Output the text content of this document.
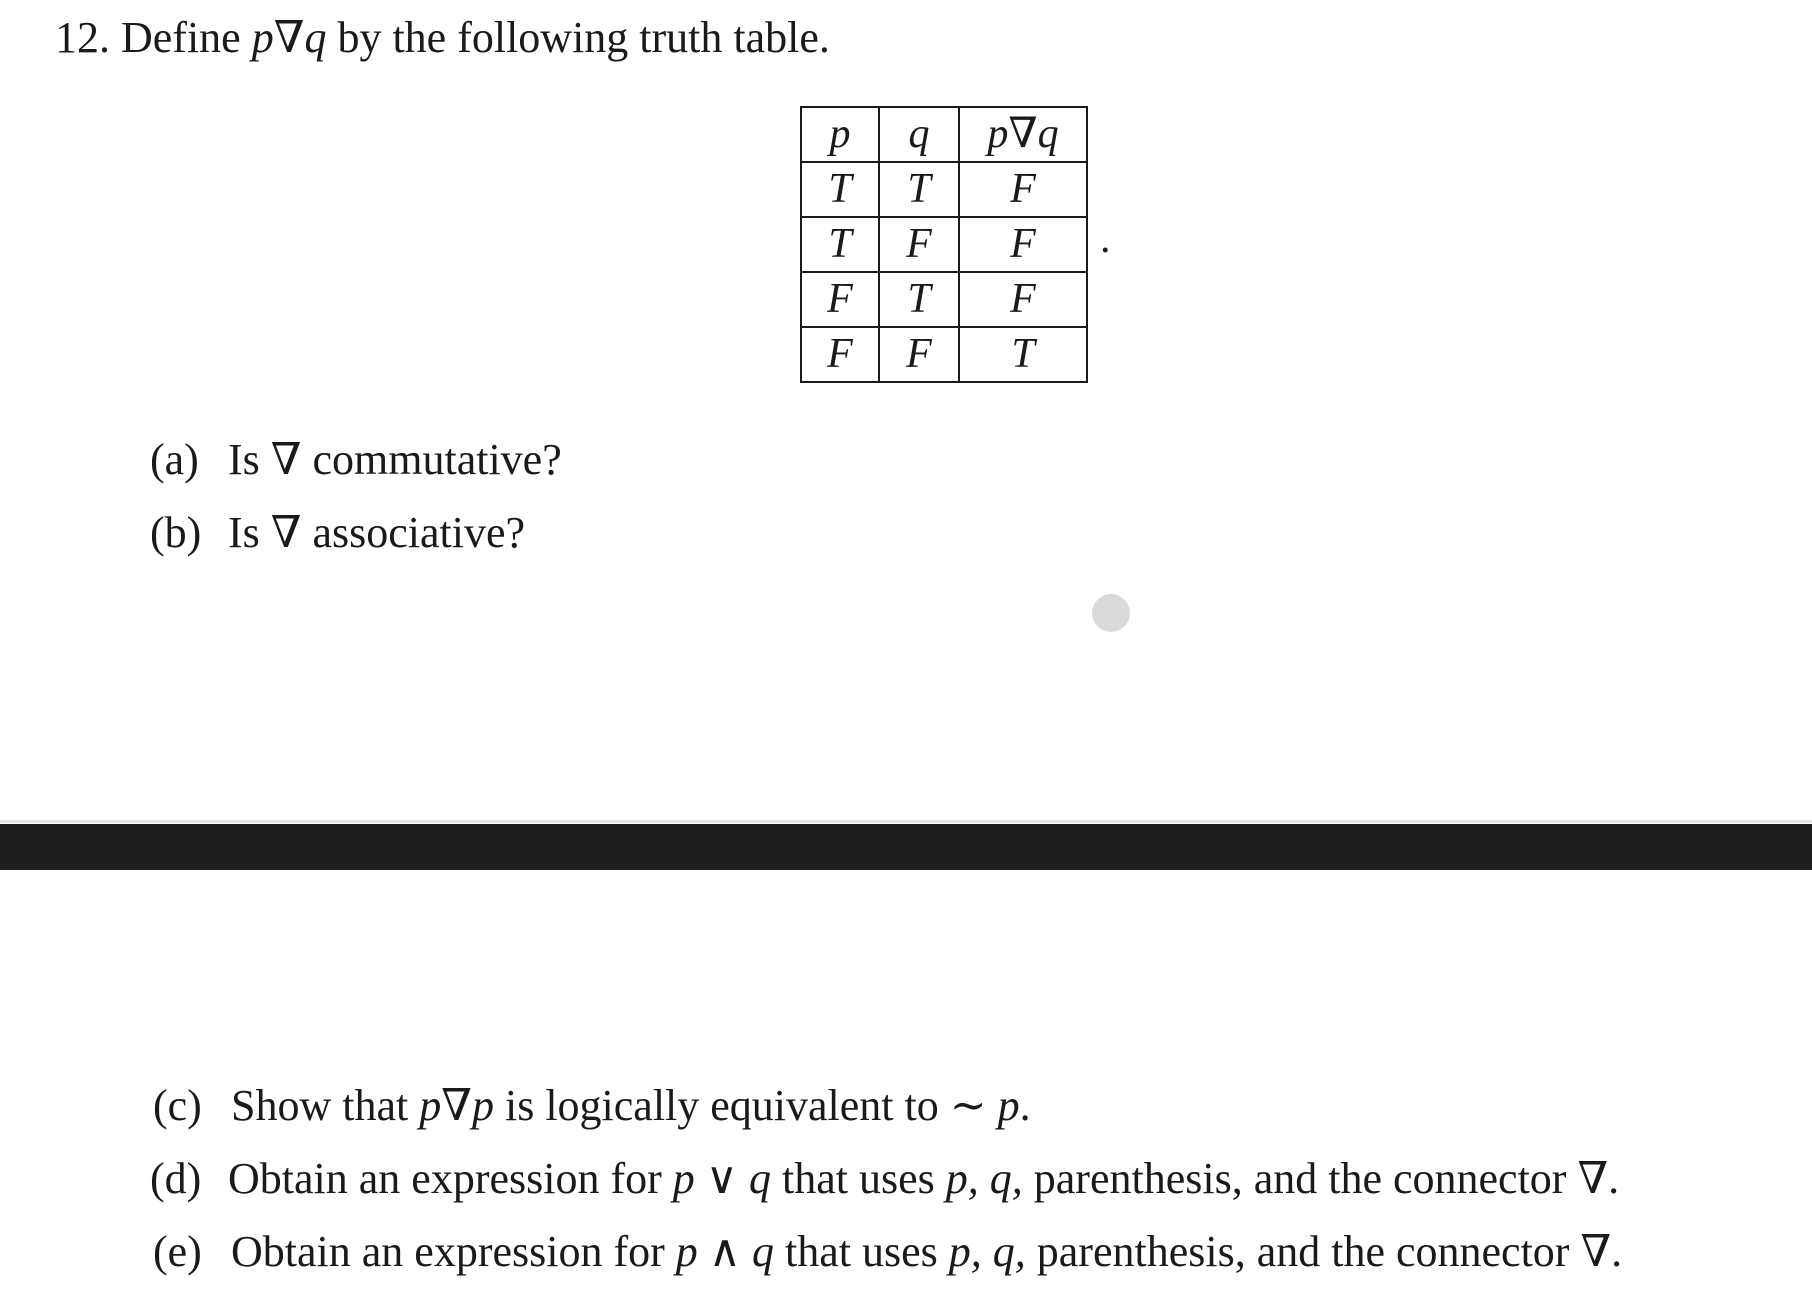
12. Define p∇q by the following truth table.
p	q	p∇q
T	T	F
T	F	F
F	T	F
F	F	T
.
(a) Is ∇ commutative?
(b) Is ∇ associative?
(c) Show that p∇p is logically equivalent to ∼ p.
(d) Obtain an expression for p ∨ q that uses p, q, parenthesis, and the connector ∇.
(e) Obtain an expression for p ∧ q that uses p, q, parenthesis, and the connector ∇.
